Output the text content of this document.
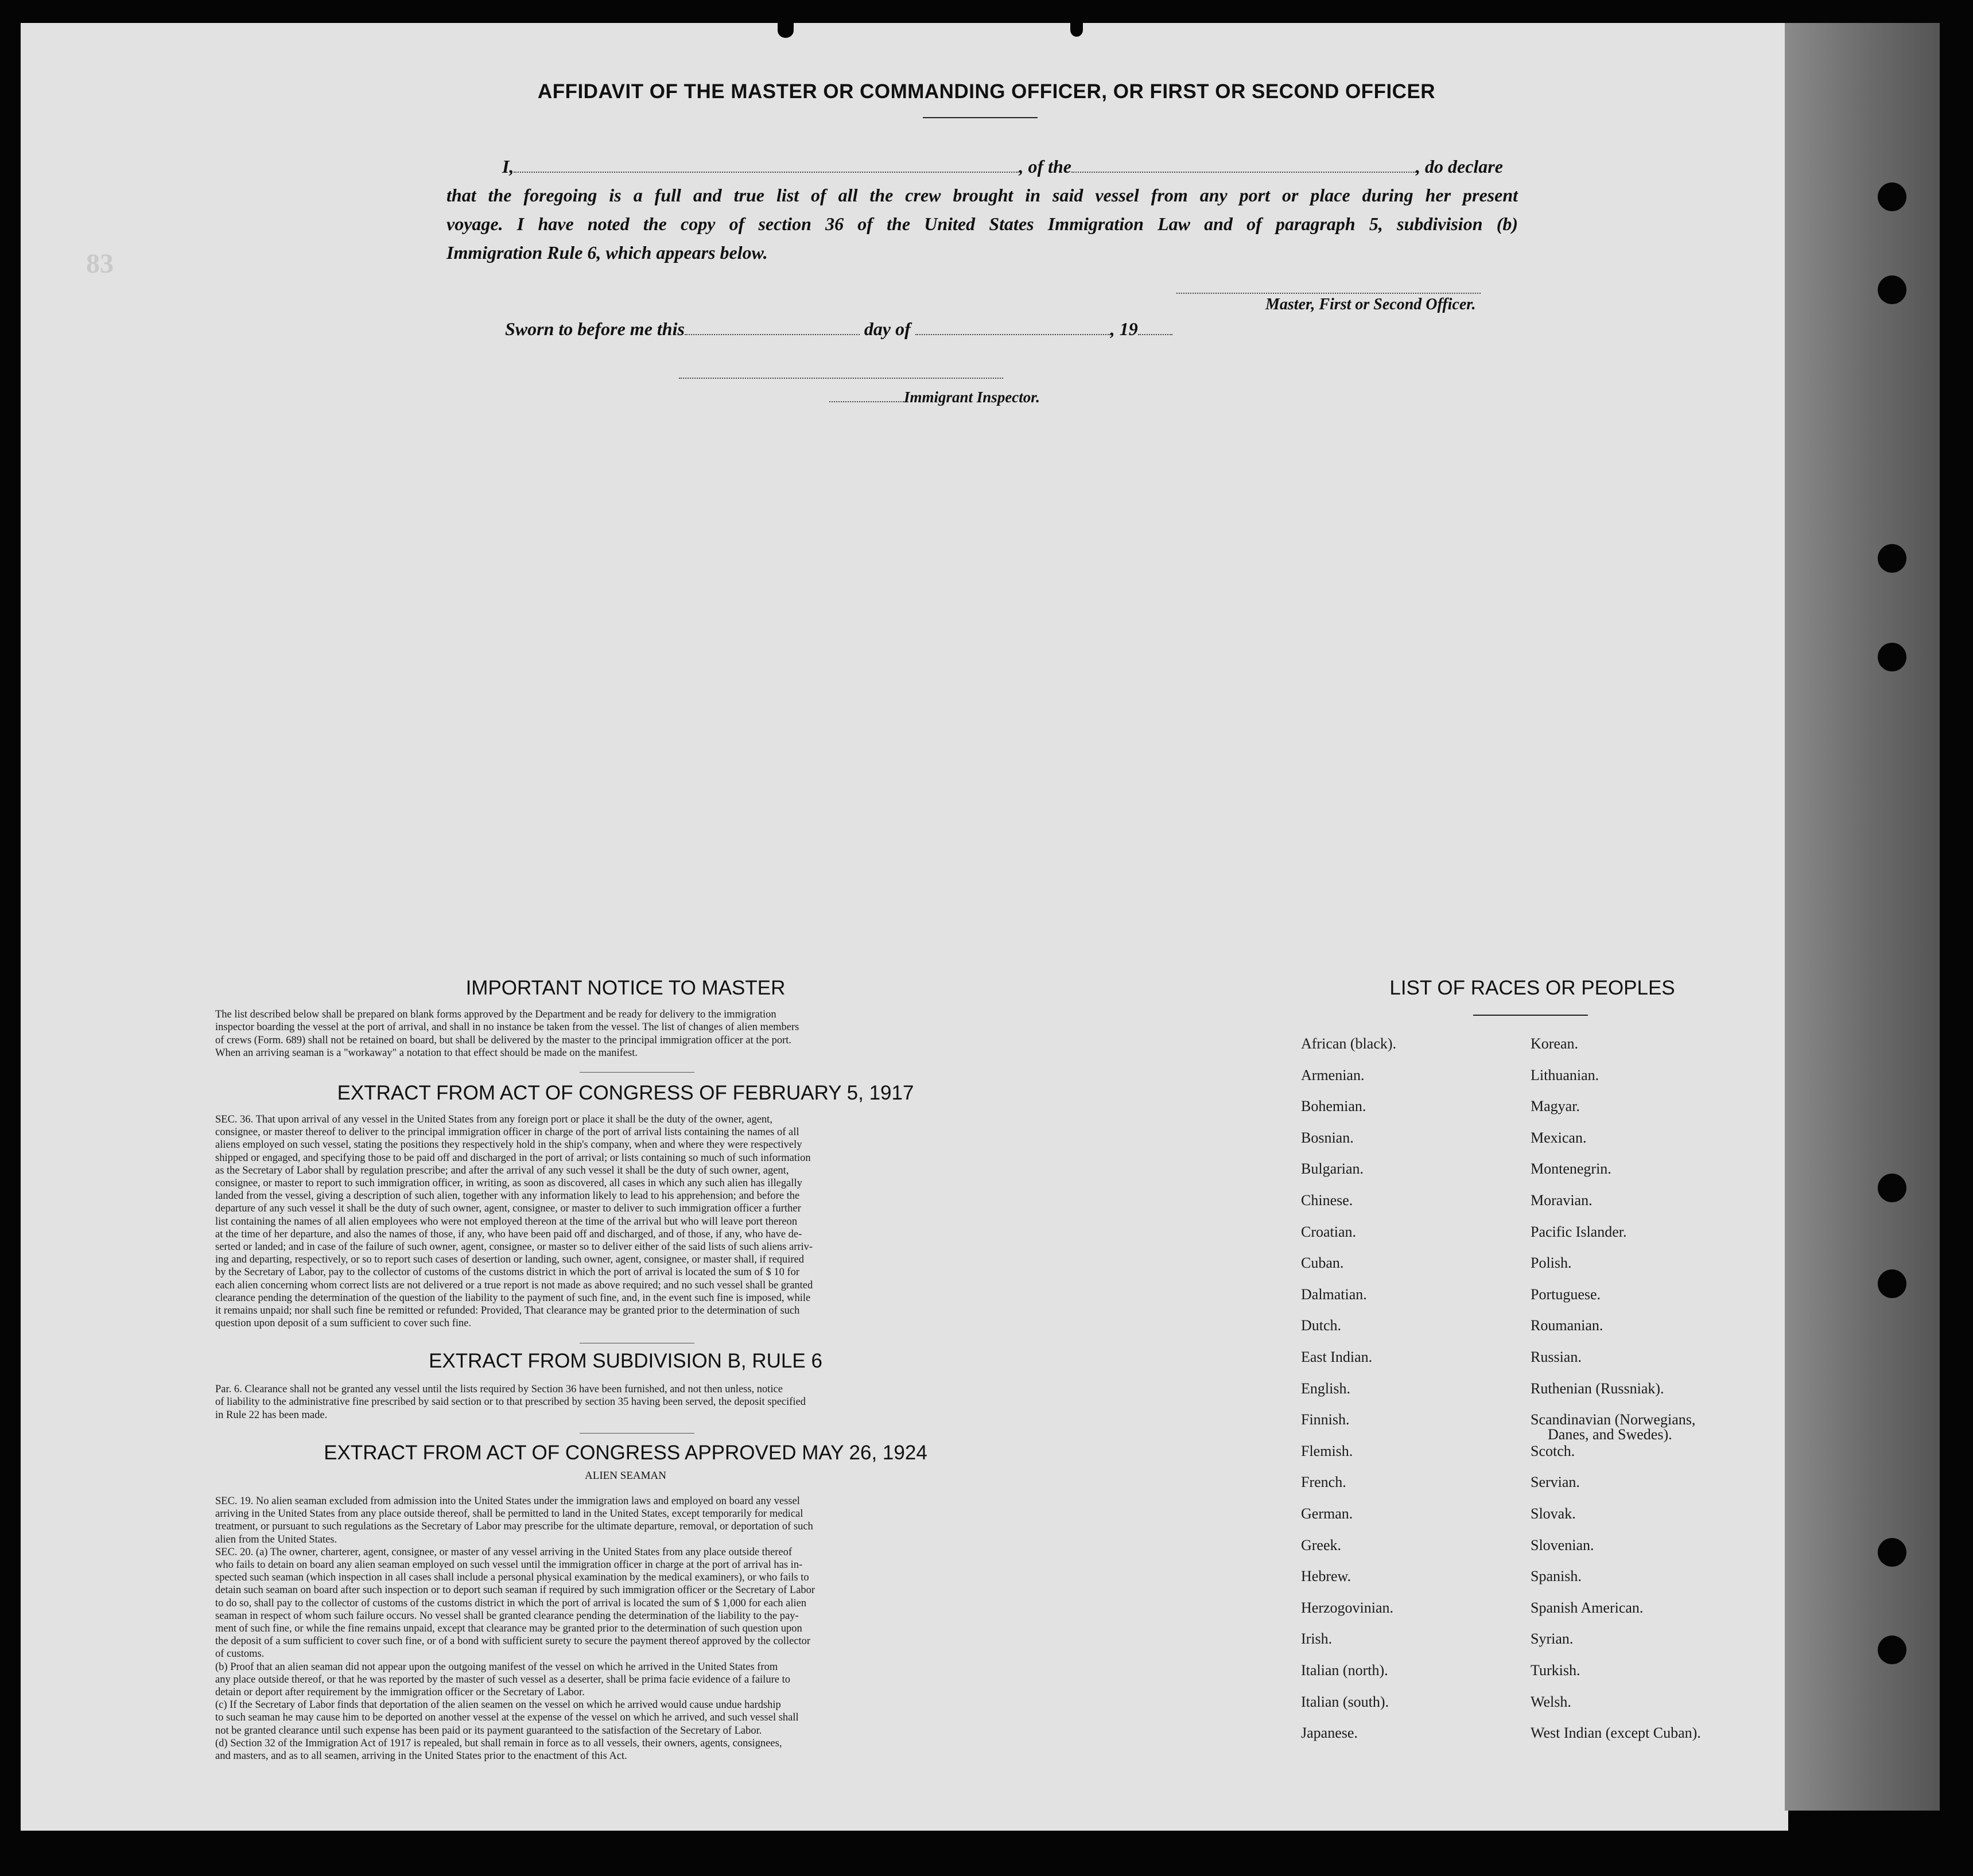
83
AFFIDAVIT OF THE MASTER OR COMMANDING OFFICER, OR FIRST OR SECOND OFFICER
I,	, of the	, do declare
that the foregoing is a full and true list of all the crew brought in said vessel from any port or place during her present
voyage. I have noted the copy of section 36 of the United States Immigration Law and of paragraph 5, subdivision (b)
Immigration Rule 6, which appears below.
Master, First or Second Officer.
Sworn to before me this	day of	, 19
Immigrant Inspector.
IMPORTANT NOTICE TO MASTER
The list described below shall be prepared on blank forms approved by the Department and be ready for delivery to the immigration
inspector boarding the vessel at the port of arrival, and shall in no instance be taken from the vessel. The list of changes of alien members
of crews (Form. 689) shall not be retained on board, but shall be delivered by the master to the principal immigration officer at the port.
When an arriving seaman is a "workaway" a notation to that effect should be made on the manifest.
EXTRACT FROM ACT OF CONGRESS OF FEBRUARY 5, 1917
SEC. 36. That upon arrival of any vessel in the United States from any foreign port or place it shall be the duty of the owner, agent,
consignee, or master thereof to deliver to the principal immigration officer in charge of the port of arrival lists containing the names of all
aliens employed on such vessel, stating the positions they respectively hold in the ship's company, when and where they were respectively
shipped or engaged, and specifying those to be paid off and discharged in the port of arrival; or lists containing so much of such information
as the Secretary of Labor shall by regulation prescribe; and after the arrival of any such vessel it shall be the duty of such owner, agent,
consignee, or master to report to such immigration officer, in writing, as soon as discovered, all cases in which any such alien has illegally
landed from the vessel, giving a description of such alien, together with any information likely to lead to his apprehension; and before the
departure of any such vessel it shall be the duty of such owner, agent, consignee, or master to deliver to such immigration officer a further
list containing the names of all alien employees who were not employed thereon at the time of the arrival but who will leave port thereon
at the time of her departure, and also the names of those, if any, who have been paid off and discharged, and of those, if any, who have de-
serted or landed; and in case of the failure of such owner, agent, consignee, or master so to deliver either of the said lists of such aliens arriv-
ing and departing, respectively, or so to report such cases of desertion or landing, such owner, agent, consignee, or master shall, if required
by the Secretary of Labor, pay to the collector of customs of the customs district in which the port of arrival is located the sum of $ 10 for
each alien concerning whom correct lists are not delivered or a true report is not made as above required; and no such vessel shall be granted
clearance pending the determination of the question of the liability to the payment of such fine, and, in the event such fine is imposed, while
it remains unpaid; nor shall such fine be remitted or refunded: Provided, That clearance may be granted prior to the determination of such
question upon deposit of a sum sufficient to cover such fine.
EXTRACT FROM SUBDIVISION B, RULE 6
Par. 6. Clearance shall not be granted any vessel until the lists required by Section 36 have been furnished, and not then unless, notice
of liability to the administrative fine prescribed by said section or to that prescribed by section 35 having been served, the deposit specified
in Rule 22 has been made.
EXTRACT FROM ACT OF CONGRESS APPROVED MAY 26, 1924
ALIEN SEAMAN
SEC. 19. No alien seaman excluded from admission into the United States under the immigration laws and employed on board any vessel
arriving in the United States from any place outside thereof, shall be permitted to land in the United States, except temporarily for medical
treatment, or pursuant to such regulations as the Secretary of Labor may prescribe for the ultimate departure, removal, or deportation of such
alien from the United States.
SEC. 20. (a) The owner, charterer, agent, consignee, or master of any vessel arriving in the United States from any place outside thereof
who fails to detain on board any alien seaman employed on such vessel until the immigration officer in charge at the port of arrival has in-
spected such seaman (which inspection in all cases shall include a personal physical examination by the medical examiners), or who fails to
detain such seaman on board after such inspection or to deport such seaman if required by such immigration officer or the Secretary of Labor
to do so, shall pay to the collector of customs of the customs district in which the port of arrival is located the sum of $ 1,000 for each alien
seaman in respect of whom such failure occurs. No vessel shall be granted clearance pending the determination of the liability to the pay-
ment of such fine, or while the fine remains unpaid, except that clearance may be granted prior to the determination of such question upon
the deposit of a sum sufficient to cover such fine, or of a bond with sufficient surety to secure the payment thereof approved by the collector
of customs.
(b) Proof that an alien seaman did not appear upon the outgoing manifest of the vessel on which he arrived in the United States from
any place outside thereof, or that he was reported by the master of such vessel as a deserter, shall be prima facie evidence of a failure to
detain or deport after requirement by the immigration officer or the Secretary of Labor.
(c) If the Secretary of Labor finds that deportation of the alien seamen on the vessel on which he arrived would cause undue hardship
to such seaman he may cause him to be deported on another vessel at the expense of the vessel on which he arrived, and such vessel shall
not be granted clearance until such expense has been paid or its payment guaranteed to the satisfaction of the Secretary of Labor.
(d) Section 32 of the Immigration Act of 1917 is repealed, but shall remain in force as to all vessels, their owners, agents, consignees,
and masters, and as to all seamen, arriving in the United States prior to the enactment of this Act.
LIST OF RACES OR PEOPLES
African (black).
Armenian.
Bohemian.
Bosnian.
Bulgarian.
Chinese.
Croatian.
Cuban.
Dalmatian.
Dutch.
East Indian.
English.
Finnish.
Flemish.
French.
German.
Greek.
Hebrew.
Herzogovinian.
Irish.
Italian (north).
Italian (south).
Japanese.
Korean.
Lithuanian.
Magyar.
Mexican.
Montenegrin.
Moravian.
Pacific Islander.
Polish.
Portuguese.
Roumanian.
Russian.
Ruthenian (Russniak).
Scandinavian (Norwegians,
Scotch.
Servian.
Slovak.
Slovenian.
Spanish.
Spanish American.
Syrian.
Turkish.
Welsh.
West Indian (except Cuban).
Danes, and Swedes).
